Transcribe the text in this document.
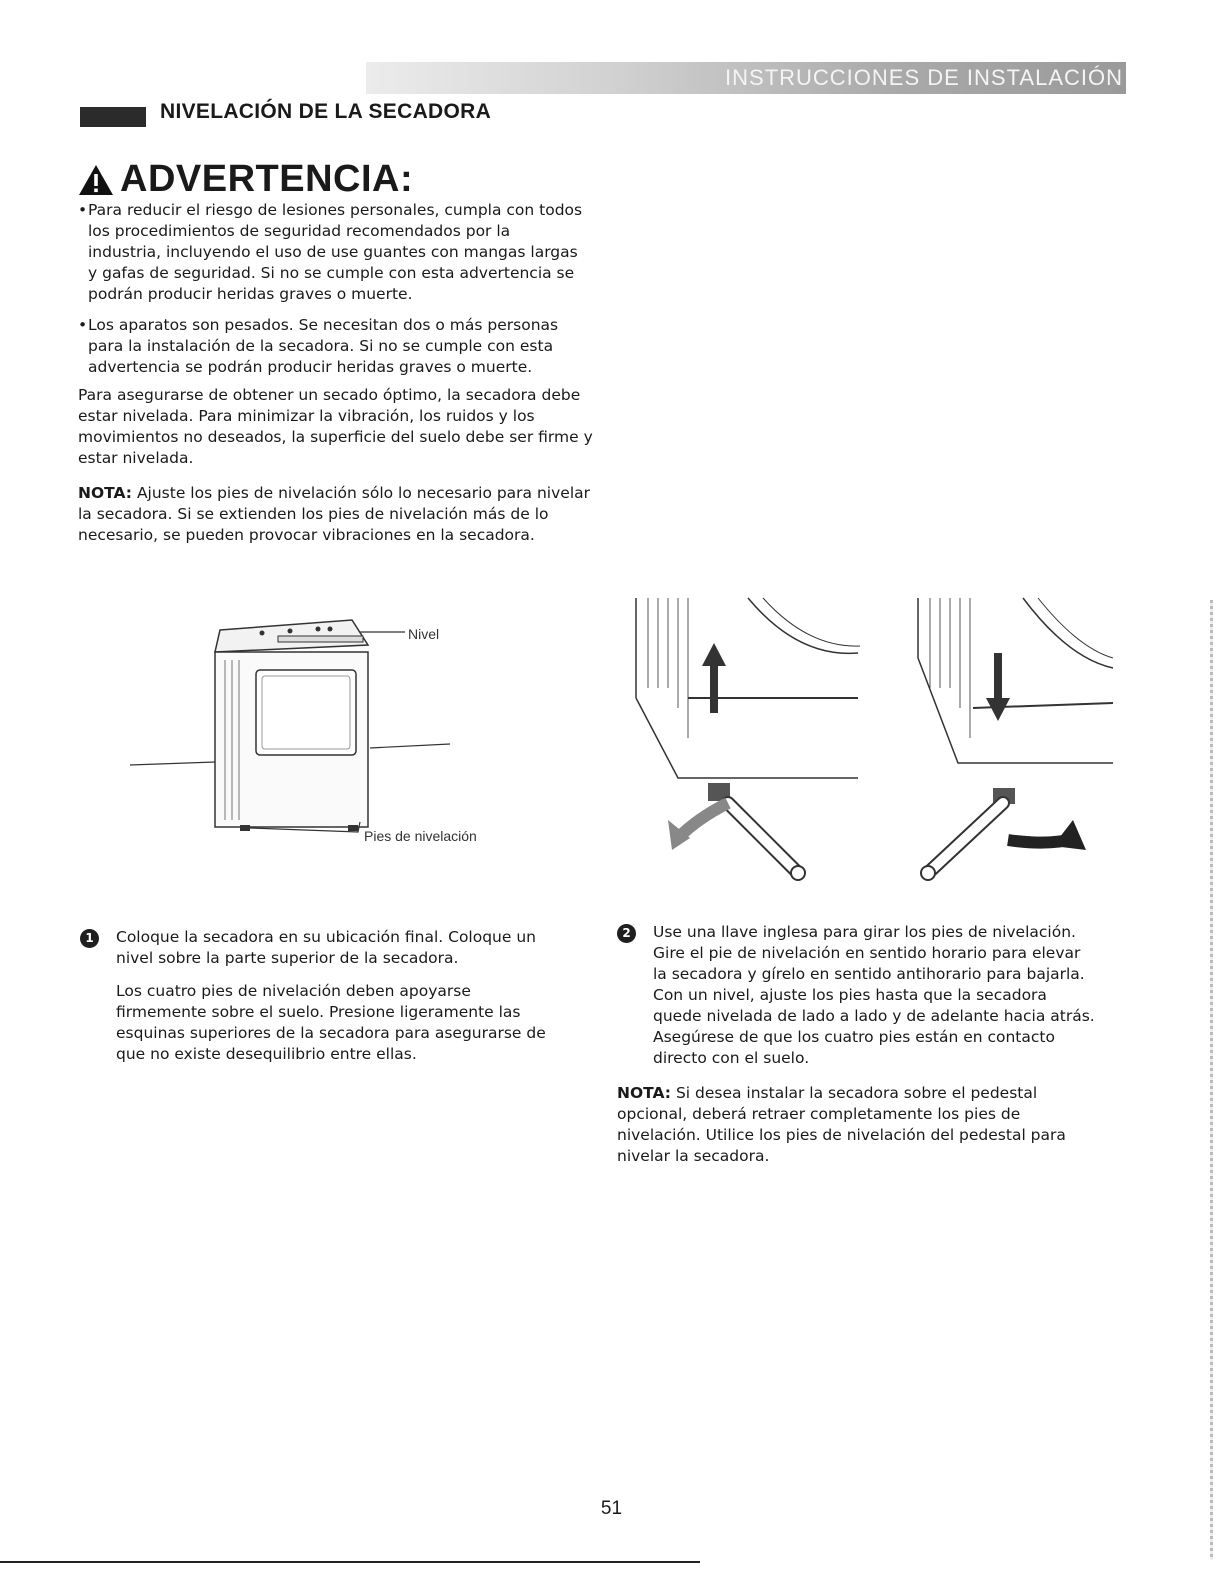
INSTRUCCIONES DE INSTALACIÓN
NIVELACIÓN DE LA SECADORA
ADVERTENCIA:
• Para reducir el riesgo de lesiones personales, cumpla con todos los procedimientos de seguridad recomendados por la industria, incluyendo el uso de use guantes con mangas largas y gafas de seguridad. Si no se cumple con esta advertencia se podrán producir heridas graves o muerte.
• Los aparatos son pesados. Se necesitan dos o más personas para la instalación de la secadora. Si no se cumple con esta advertencia se podrán producir heridas graves o muerte.

Para asegurarse de obtener un secado óptimo, la secadora debe estar nivelada. Para minimizar la vibración, los ruidos y los movimientos no deseados, la superficie del suelo debe ser firme y estar nivelada.

NOTA: Ajuste los pies de nivelación sólo lo necesario para nivelar la secadora. Si se extienden los pies de nivelación más de lo necesario, se pueden provocar vibraciones en la secadora.

Nivel
Pies de nivelación
1	Coloque la secadora en su ubicación final. Coloque un nivel sobre la parte superior de la secadora.

Los cuatro pies de nivelación deben apoyarse firmemente sobre el suelo. Presione ligeramente las esquinas superiores de la secadora para asegurarse de que no existe desequilibrio entre ellas.

2	Use una llave inglesa para girar los pies de nivelación. Gire el pie de nivelación en sentido horario para elevar la secadora y gírelo en sentido antihorario para bajarla. Con un nivel, ajuste los pies hasta que la secadora quede nivelada de lado a lado y de adelante hacia atrás. Asegúrese de que los cuatro pies están en contacto directo con el suelo.

NOTA: Si desea instalar la secadora sobre el pedestal opcional, deberá retraer completamente los pies de nivelación. Utilice los pies de nivelación del pedestal para nivelar la secadora.

51
